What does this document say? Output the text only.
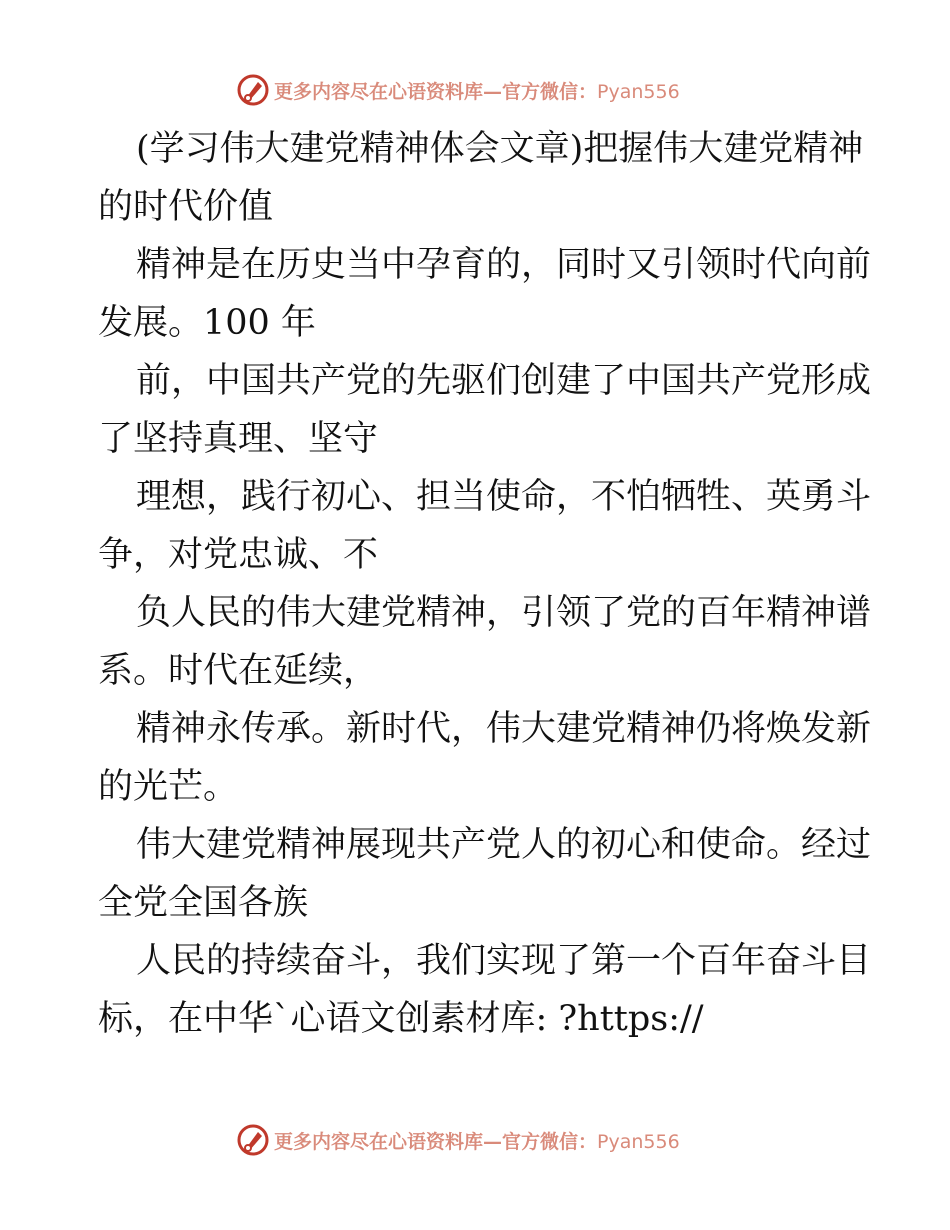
更多内容尽在心语资料库—官方微信：Pyan556
(学习伟大建党精神体会文章)把握伟大建党精神
的时代价值
精神是在历史当中孕育的，同时又引领时代向前
发展。100 年
前，中国共产党的先驱们创建了中国共产党形成
了坚持真理、坚守
理想，践行初心、担当使命，不怕牺牲、英勇斗
争，对党忠诚、不
负人民的伟大建党精神，引领了党的百年精神谱
系。时代在延续，
精神永传承。新时代，伟大建党精神仍将焕发新
的光芒。
伟大建党精神展现共产党人的初心和使命。经过
全党全国各族
人民的持续奋斗，我们实现了第一个百年奋斗目
标，在中华`心语文创素材库: ?https://
更多内容尽在心语资料库—官方微信：Pyan556
